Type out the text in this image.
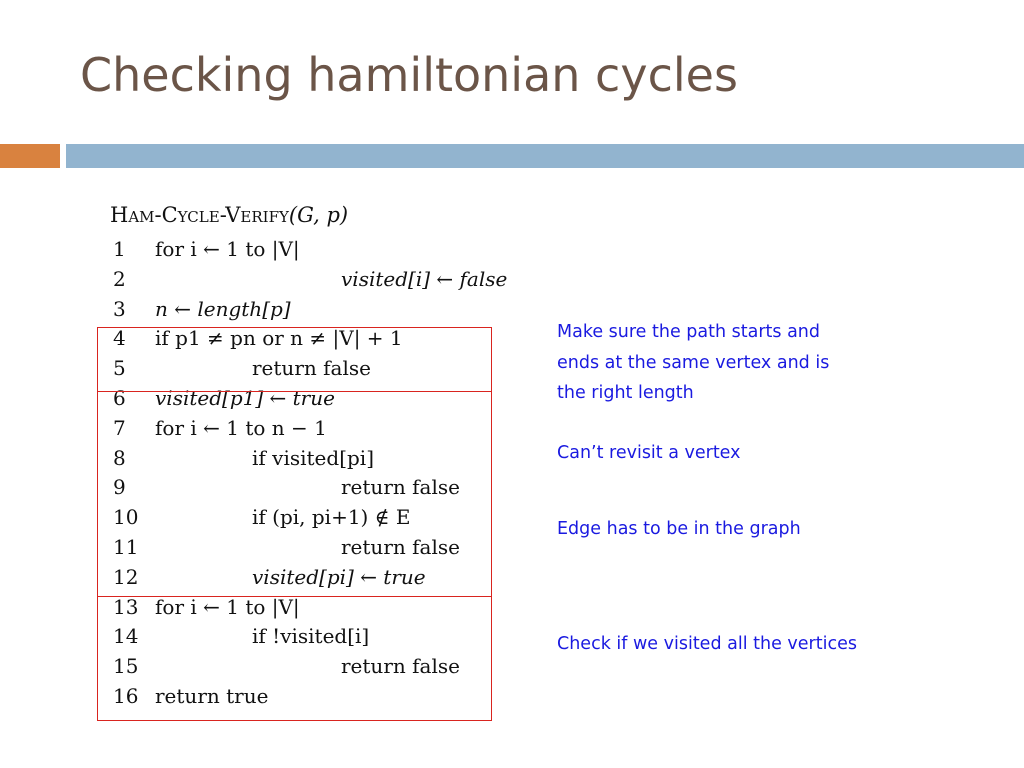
Checking hamiltonian cycles
Ham-Cycle-Verify(G, p)
1	for i ← 1 to |V|
2	visited[i] ← false
3	n ← length[p]
4	if p1 ≠ pn or n ≠ |V| + 1
5	return false
6	visited[p1] ← true
7	for i ← 1 to n − 1
8	if visited[pi]
9	return false
10	if (pi, pi+1) ∉ E
11	return false
12	visited[pi] ← true
13 for i ← 1 to |V|
14	if !visited[i]
15	return false
16 return true
Make sure the path starts and
ends at the same vertex and is
the right length
Can’t revisit a vertex
Edge has to be in the graph
Check if we visited all the vertices
